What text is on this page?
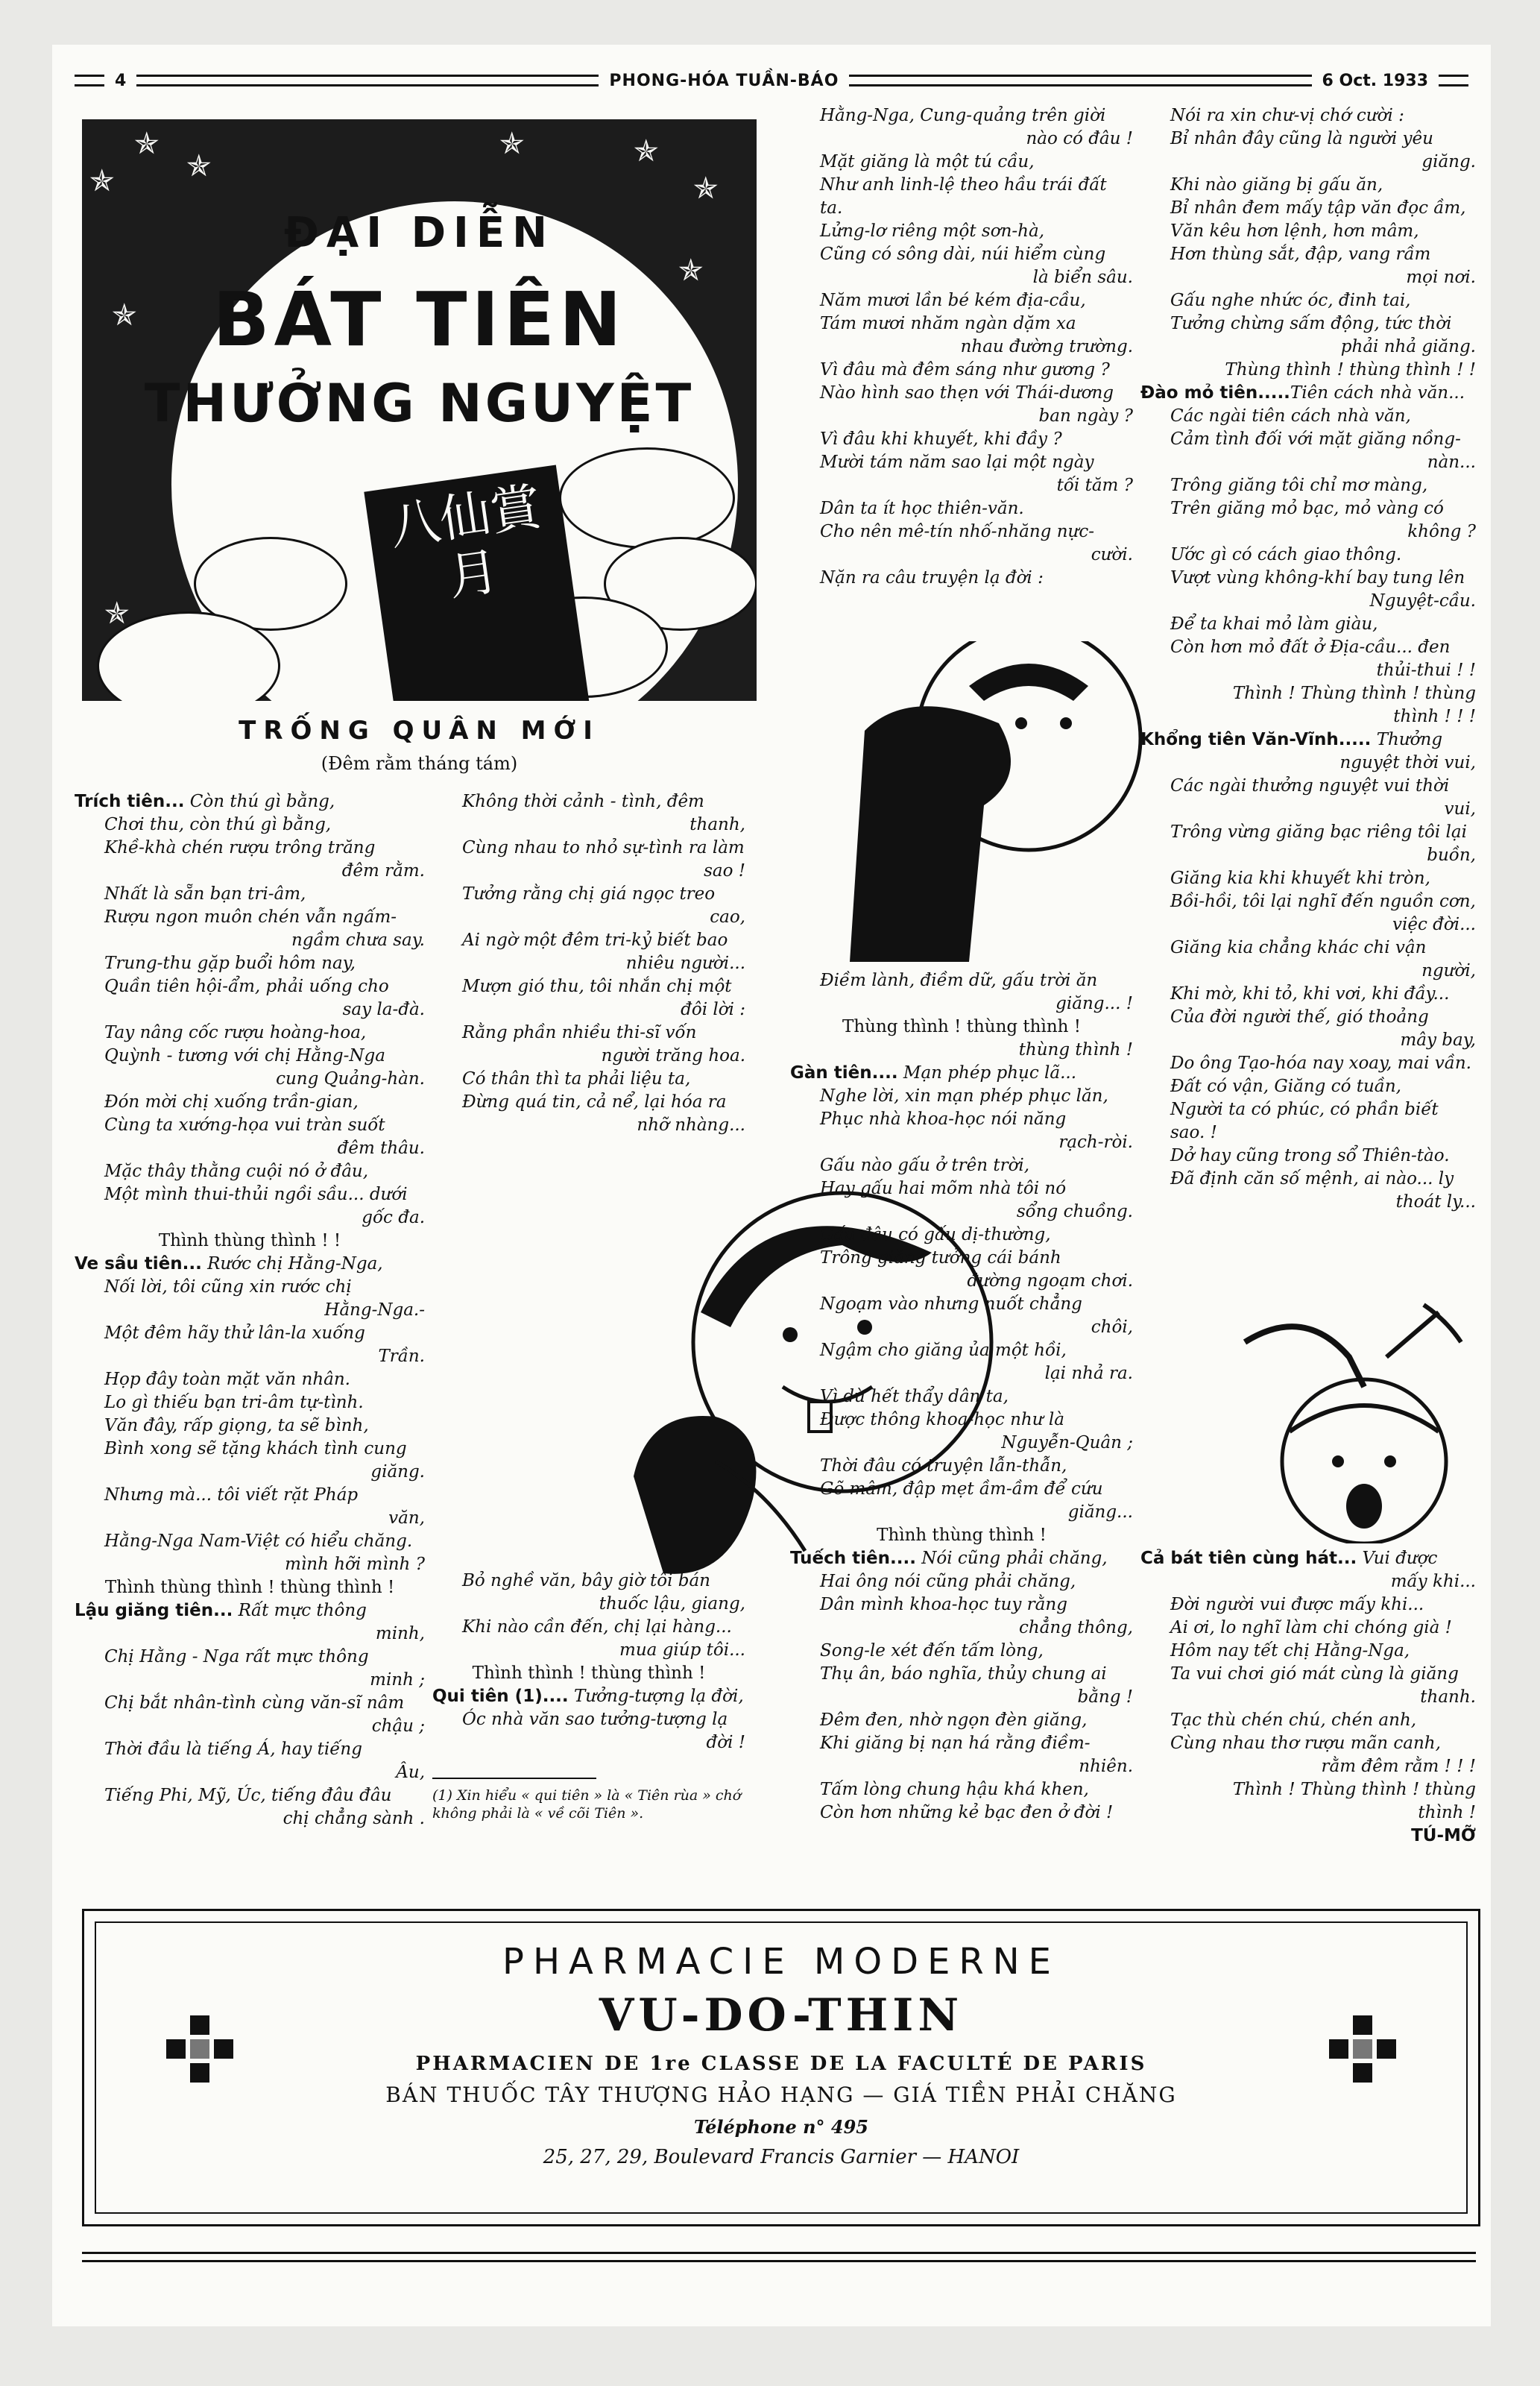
4	PHONG-HÓA TUẦN-BÁO	6 Oct. 1933
✯
✯
✯
✯	✯
✯
✯
✯
✯
ĐẠI DIỄN
BÁT TIÊN
THƯỞNG NGUYỆT
八仙賞月
TRỐNG QUÂN MỚI
(Đêm rằm tháng tám)

Trích tiên... Còn thú gì bằng,

Chơi thu, còn thú gì bằng,

Khề-khà chén rượu trông trăng

đêm rằm.

Nhất là sẵn bạn tri-âm,

Rượu ngon muôn chén vẫn ngấm-

ngầm chưa say.

Trung-thu gặp buổi hôm nay,

Quần tiên hội-ẩm, phải uống cho

say la-đà.

Tay nâng cốc rượu hoàng-hoa,

Quỳnh - tương với chị Hằng-Nga

cung Quảng-hàn.

Đón mời chị xuống trần-gian,

Cùng ta xướng-họa vui tràn suốt

đêm thâu.

Mặc thây thằng cuội nó ở đâu,

Một mình thui-thủi ngồi sầu... dưới

gốc đa.

Thình thùng thình ! !

Ve sầu tiên... Rước chị Hằng-Nga,

Nối lời, tôi cũng xin rước chị

Hằng-Nga.-

Một đêm hãy thử lân-la xuống

Trần.

Họp đây toàn mặt văn nhân.

Lo gì thiếu bạn tri-âm tự-tình.

Văn đây, rấp giọng, ta sẽ bình,

Bình xong sẽ tặng khách tình cung

giăng.

Nhưng mà... tôi viết rặt Pháp

văn,

Hằng-Nga Nam-Việt có hiểu chăng.

mình hỡi mình ?

Thình thùng thình ! thùng thình !

Lậu giăng tiên... Rất mực thông

minh,

Chị Hằng - Nga rất mực thông

minh ;

Chị bắt nhân-tình cùng văn-sĩ nâm

chậu ;

Thời đầu là tiếng Á, hay tiếng

Âu,

Tiếng Phi, Mỹ, Úc, tiếng đâu đâu

chị chẳng sành .

Không thời cảnh - tình, đêm

thanh,

Cùng nhau to nhỏ sự-tình ra làm

sao !

Tưởng rằng chị giá ngọc treo

cao,

Ai ngờ một đêm tri-kỷ biết bao

nhiêu người...

Mượn gió thu, tôi nhắn chị một

đôi lời :

Rằng phần nhiều thi-sĩ vốn

người trăng hoa.

Có thân thì ta phải liệu ta,

Đừng quá tin, cả nể, lại hóa ra

nhỡ nhàng...

Bỏ nghề văn, bây giờ tôi bán

thuốc lậu, giang,

Khi nào cần đến, chị lại hàng...

mua giúp tôi...

Thình thình ! thùng thình !

Qui tiên (1).... Tưởng-tượng lạ đời,

Óc nhà văn sao tưởng-tượng lạ

đời !

(1) Xin hiểu « qui tiên » là « Tiên rùa » chớ không phải là « về cõi Tiên ».

Hằng-Nga, Cung-quảng trên giời

nào có đâu !

Mặt giăng là một tú cầu,

Như anh linh-lệ theo hầu trái đất ta.

Lửng-lơ riêng một sơn-hà,

Cũng có sông dài, núi hiểm cùng

là biển sâu.

Năm mươi lần bé kém địa-cầu,

Tám mươi nhăm ngàn dặm xa

nhau đường trường.

Vì đâu mà đêm sáng như gương ?

Nào hình sao thẹn với Thái-dương

ban ngày ?

Vì đâu khi khuyết, khi đầy ?

Mười tám năm sao lại một ngày

tối tăm ?

Dân ta ít học thiên-văn.

Cho nên mê-tín nhố-nhăng nực-

cười.

Nặn ra câu truyện lạ đời :

Điềm lành, điềm dữ, gấu trời ăn

giăng... !

Thùng thình ! thùng thình !

thùng thình !

Gàn tiên.... Mạn phép phục lã...

Nghe lời, xin mạn phép phục lăn,

Phục nhà khoa-học nói năng

rạch-ròi.

Gấu nào gấu ở trên trời,

Hay gấu hai mõm nhà tôi nó

sổng chuồng.

Gấu đâu có gấu dị-thường,

Trông giăng tưởng cái bánh

đường ngoạm chơi.

Ngoạm vào nhưng nuốt chẳng

chôi,

Ngậm cho giăng ủa một hồi,

lại nhả ra.

Vì dù hết thẩy dân ta,

Được thông khoa-học như là

Nguyễn-Quân ;

Thời đâu có truyện lẫn-thẫn,

Gõ mâm, đập mẹt ầm-ầm để cứu

giăng...

Thình thùng thình !

Tuếch tiên.... Nói cũng phải chăng,

Hai ông nói cũng phải chăng,

Dân mình khoa-học tuy rằng

chẳng thông,

Song-le xét đến tấm lòng,

Thụ ân, báo nghĩa, thủy chung ai

bằng !

Đêm đen, nhờ ngọn đèn giăng,

Khi giăng bị nạn há rằng điềm-

nhiên.

Tấm lòng chung hậu khá khen,

Còn hơn những kẻ bạc đen ở đời !

Nói ra xin chư-vị chớ cười :

Bỉ nhân đây cũng là người yêu

giăng.

Khi nào giăng bị gấu ăn,

Bỉ nhân đem mấy tập văn đọc ầm,

Văn kêu hơn lệnh, hơn mâm,

Hơn thùng sắt, đập, vang rầm

mọi nơi.

Gấu nghe nhức óc, đinh tai,

Tưởng chừng sấm động, tức thời

phải nhả giăng.

Thùng thình ! thùng thình ! !

Đào mỏ tiên.....Tiên cách nhà văn...

Các ngài tiên cách nhà văn,

Cảm tình đối với mặt giăng nồng-

nàn...

Trông giăng tôi chỉ mơ màng,

Trên giăng mỏ bạc, mỏ vàng có

không ?

Ước gì có cách giao thông.

Vượt vùng không-khí bay tung lên

Nguyệt-cầu.

Để ta khai mỏ làm giàu,

Còn hơn mỏ đất ở Địa-cầu... đen

thủi-thui ! !

Thình ! Thùng thình ! thùng

thình ! ! !

Khổng tiên Văn-Vĩnh..... Thưởng

nguyệt thời vui,

Các ngài thưởng nguyệt vui thời

vui,

Trông vừng giăng bạc riêng tôi lại

buồn,

Giăng kia khi khuyết khi tròn,

Bồi-hồi, tôi lại nghĩ đến nguồn cơn,

việc đời...

Giăng kia chẳng khác chi vận

người,

Khi mờ, khi tỏ, khi vơi, khi đầy...

Của đời người thế, gió thoảng

mây bay,

Do ông Tạo-hóa nay xoay, mai vần.

Đất có vận, Giăng có tuần,

Người ta có phúc, có phần biết sao. !

Dở hay cũng trong sổ Thiên-tào.

Đã định căn số mệnh, ai nào... ly

thoát ly...

Cả bát tiên cùng hát... Vui được

mấy khi...

Đời người vui được mấy khi...

Ai ơi, lo nghĩ làm chi chóng già !

Hôm nay tết chị Hằng-Nga,

Ta vui chơi gió mát cùng là giăng

thanh.

Tạc thù chén chú, chén anh,

Cùng nhau thơ rượu mãn canh,

rằm đêm rằm ! ! !

Thình ! Thùng thình ! thùng

thình !

TÚ-MỠ

PHARMACIE MODERNE
VU-DO-THIN
PHARMACIEN DE 1re CLASSE DE LA FACULTÉ DE PARIS
BÁN THUỐC TÂY THƯỢNG HẢO HẠNG — GIÁ TIỀN PHẢI CHĂNG
Téléphone n° 495
25, 27, 29, Boulevard Francis Garnier — HANOI
